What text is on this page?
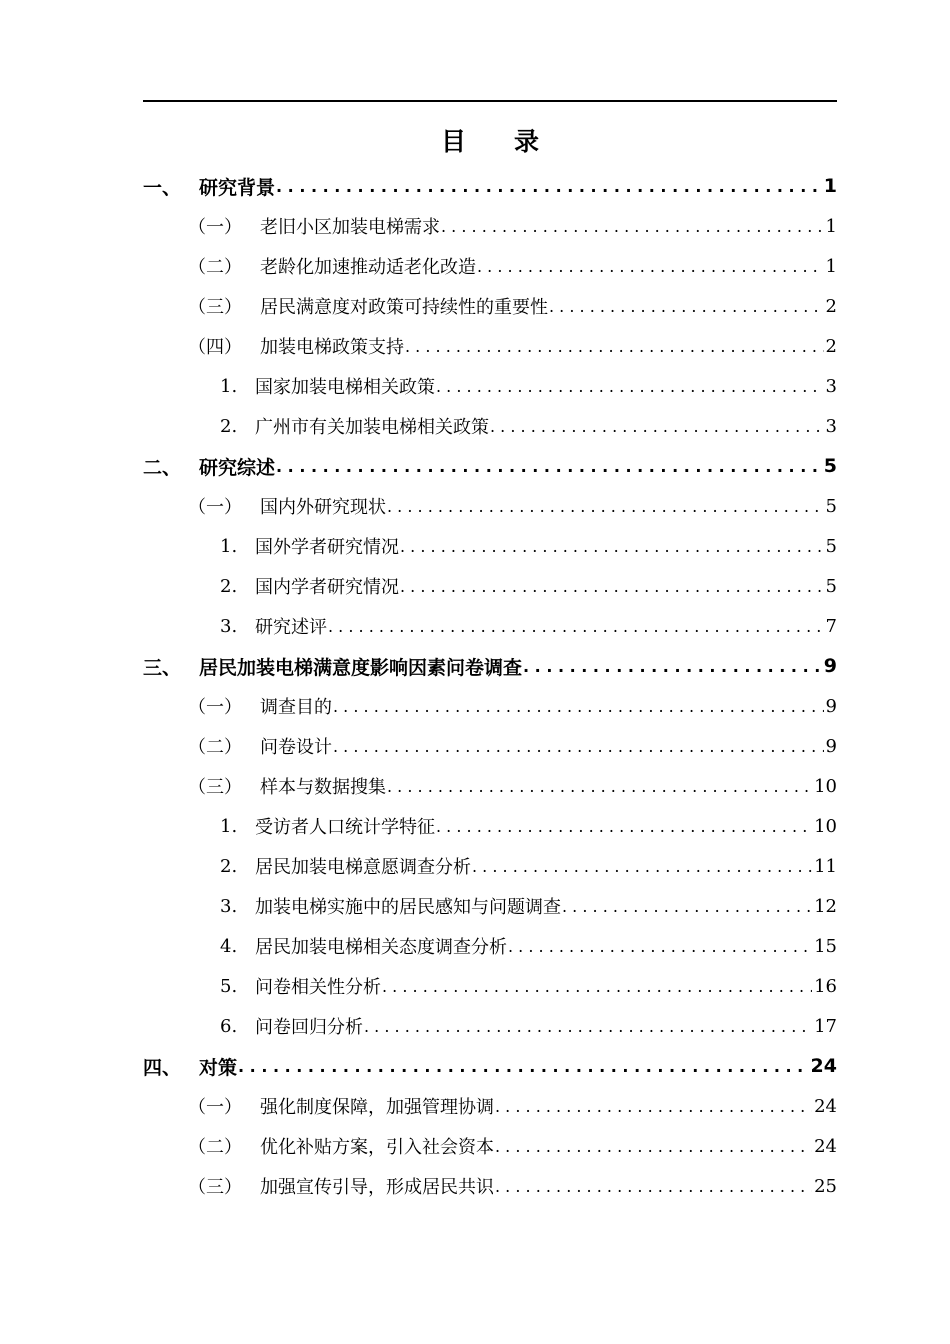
目 录
一、 研究背景 . . .	1
（一）	老旧小区加装电梯需求 . . .	1
（二）	老龄化加速推动适老化改造 . . .	1
（三）	居民满意度对政策可持续性的重要性 . . .	2
（四）	加装电梯政策支持 . . .	2
1. 国家加装电梯相关政策 . . .	3
2. 广州市有关加装电梯相关政策 . . .	3
二、 研究综述 . . .	5
（一）	国内外研究现状 . . .	5
1. 国外学者研究情况 . . .	5
2. 国内学者研究情况 . . .	5
3. 研究述评 . . .	7
三、 居民加装电梯满意度影响因素问卷调查 . . .	9
（一）	调查目的 . . .	9
（二）	问卷设计 . . .	9
（三）	样本与数据搜集 . . .	10
1. 受访者人口统计学特征 . . .	10
2. 居民加装电梯意愿调查分析 . . .	11
3. 加装电梯实施中的居民感知与问题调查 . . .	12
4. 居民加装电梯相关态度调查分析 . . .	15
5. 问卷相关性分析 . . .	16
6. 问卷回归分析 . . .	17
四、 对策 . . .	24
（一）	强化制度保障，加强管理协调 . . .	24
（二）	优化补贴方案，引入社会资本 . . .	24
（三）	加强宣传引导，形成居民共识 . . .	25
